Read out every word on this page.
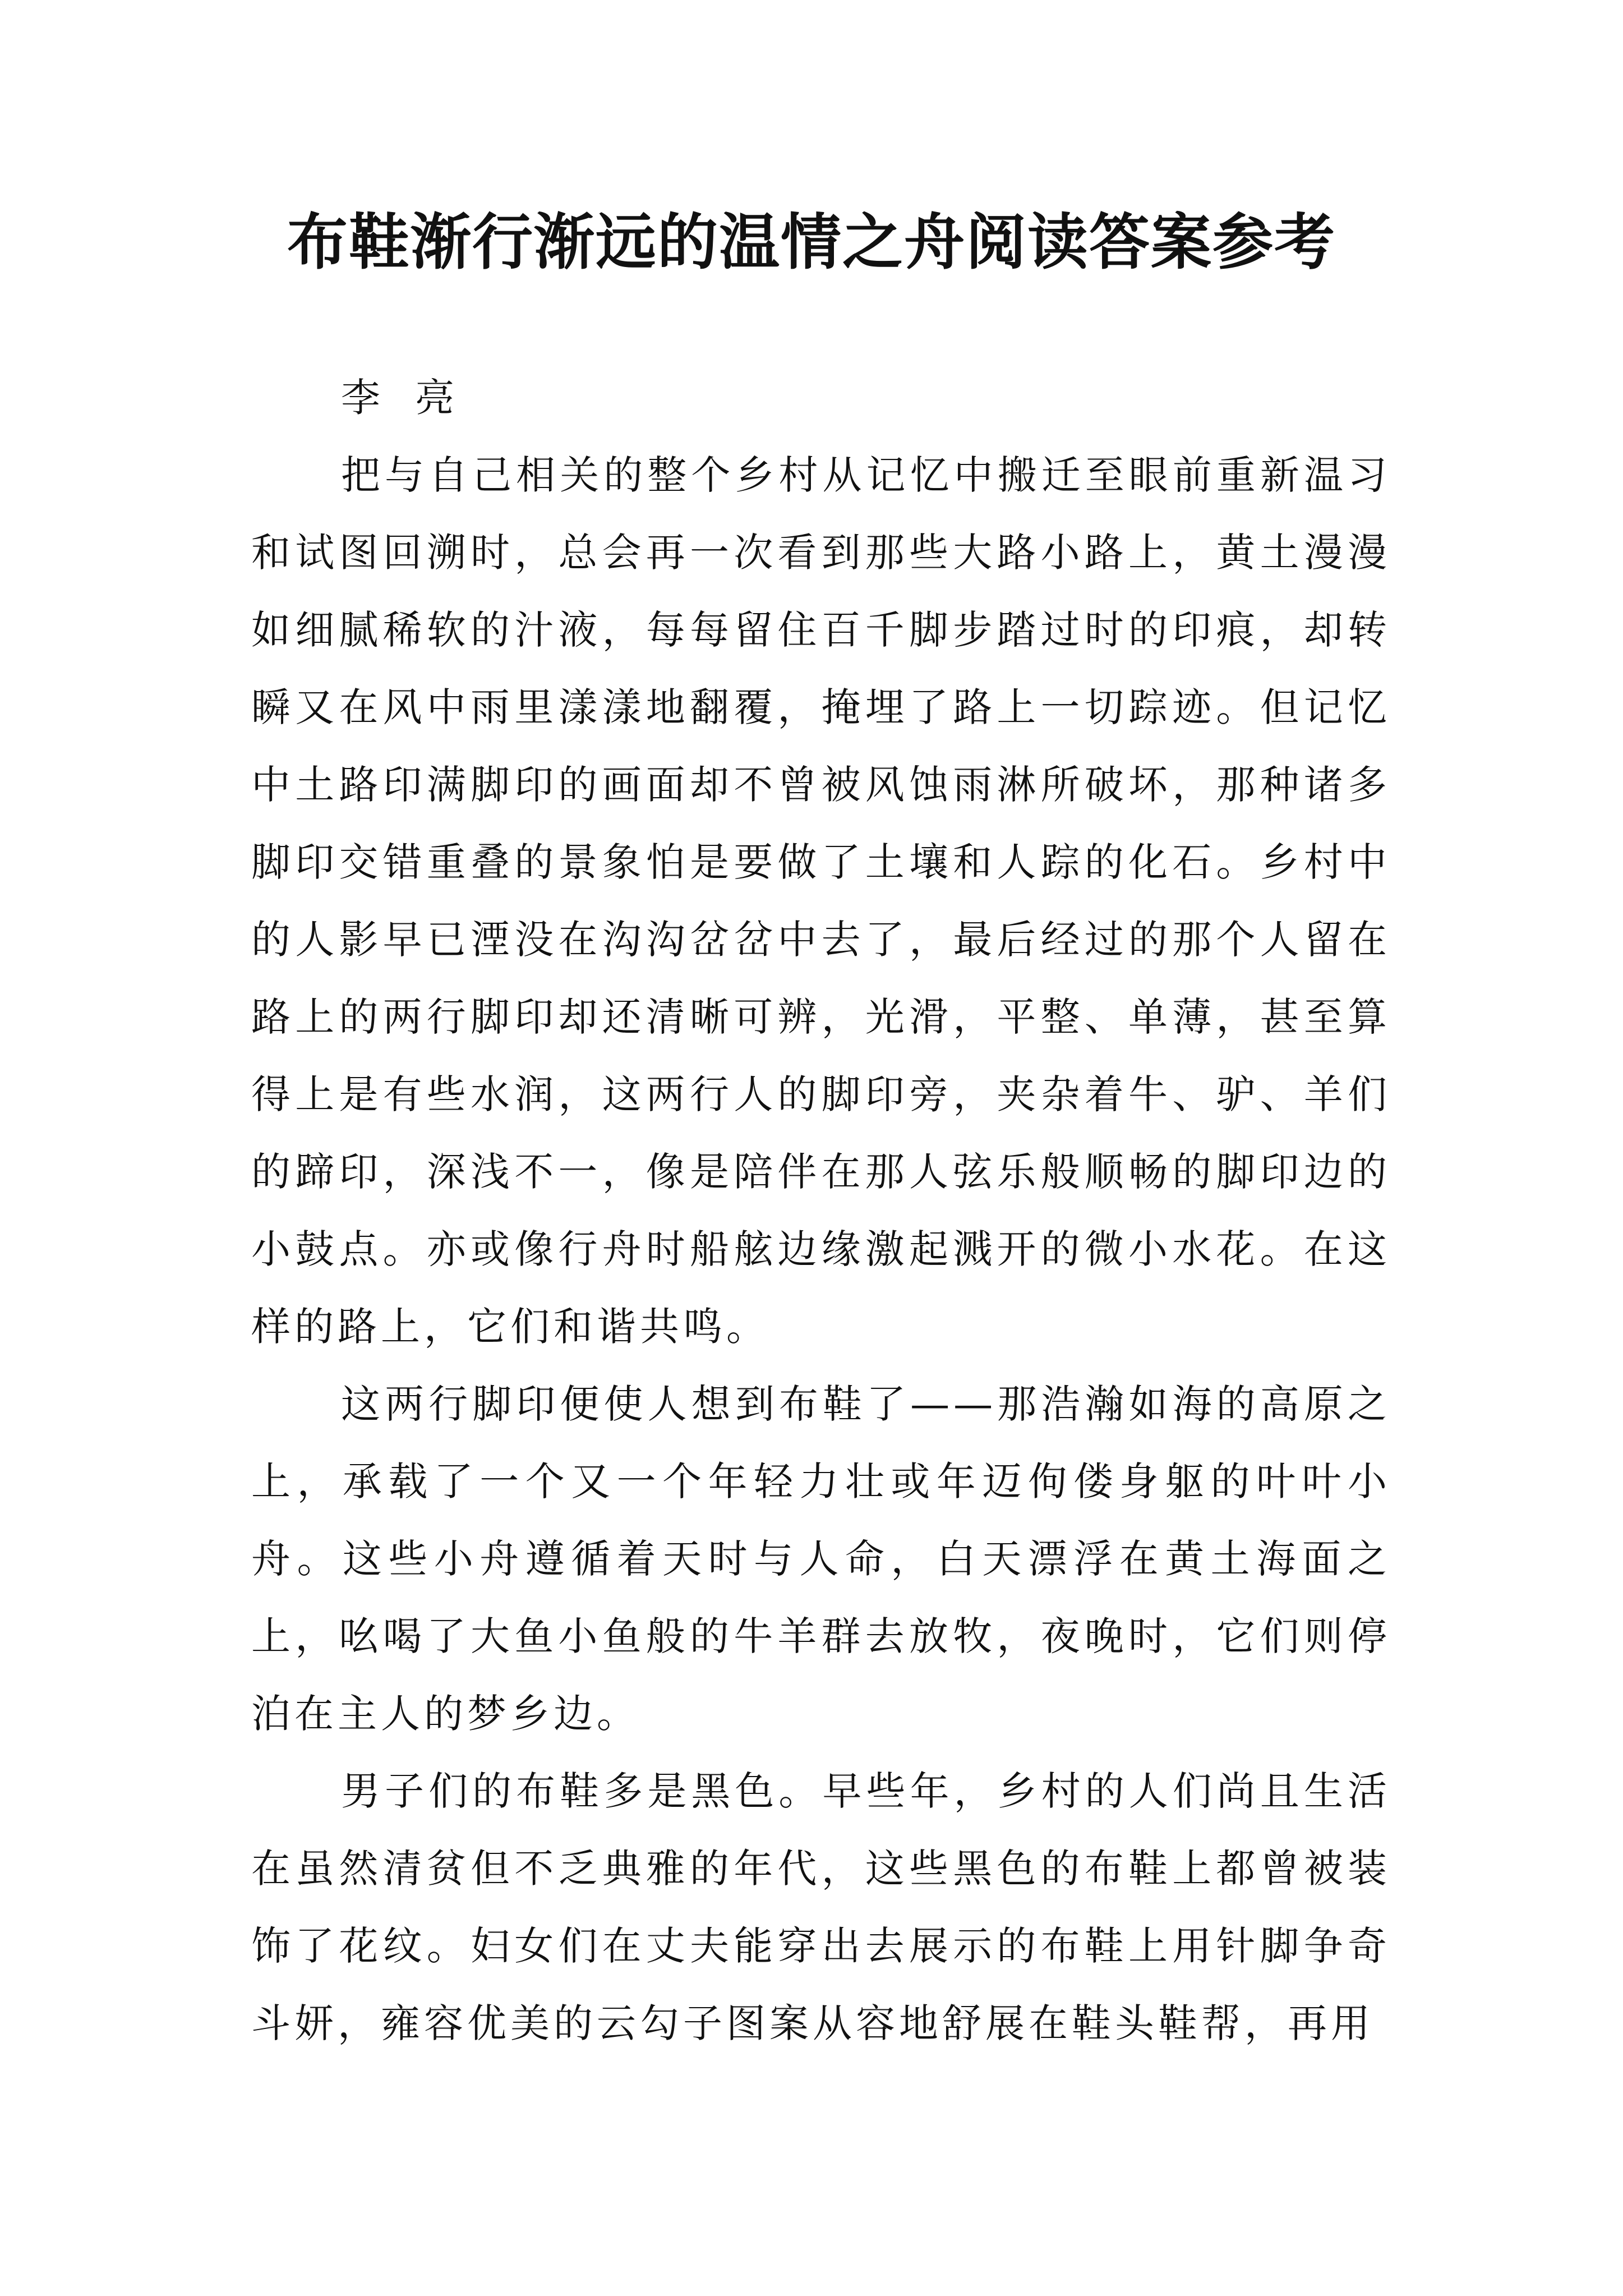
布鞋渐行渐远的温情之舟阅读答案参考

李 亮

把与自己相关的整个乡村从记忆中搬迁至眼前重新温习和试图回溯时，总会再一次看到那些大路小路上，黄土漫漫如细腻稀软的汁液，每每留住百千脚步踏过时的印痕，却转瞬又在风中雨里漾漾地翻覆，掩埋了路上一切踪迹。但记忆中土路印满脚印的画面却不曾被风蚀雨淋所破坏，那种诸多脚印交错重叠的景象怕是要做了土壤和人踪的化石。乡村中的人影早已湮没在沟沟岔岔中去了，最后经过的那个人留在路上的两行脚印却还清晰可辨，光滑，平整、单薄，甚至算得上是有些水润，这两行人的脚印旁，夹杂着牛、驴、羊们的蹄印，深浅不一，像是陪伴在那人弦乐般顺畅的脚印边的小鼓点。亦或像行舟时船舷边缘激起溅开的微小水花。在这样的路上，它们和谐共鸣。

这两行脚印便使人想到布鞋了——那浩瀚如海的高原之上，承载了一个又一个年轻力壮或年迈佝偻身躯的叶叶小舟。这些小舟遵循着天时与人命，白天漂浮在黄土海面之上，吆喝了大鱼小鱼般的牛羊群去放牧，夜晚时，它们则停泊在主人的梦乡边。

男子们的布鞋多是黑色。早些年，乡村的人们尚且生活在虽然清贫但不乏典雅的年代，这些黑色的布鞋上都曾被装饰了花纹。妇女们在丈夫能穿出去展示的布鞋上用针脚争奇斗妍，雍容优美的云勾子图案从容地舒展在鞋头鞋帮，再用
